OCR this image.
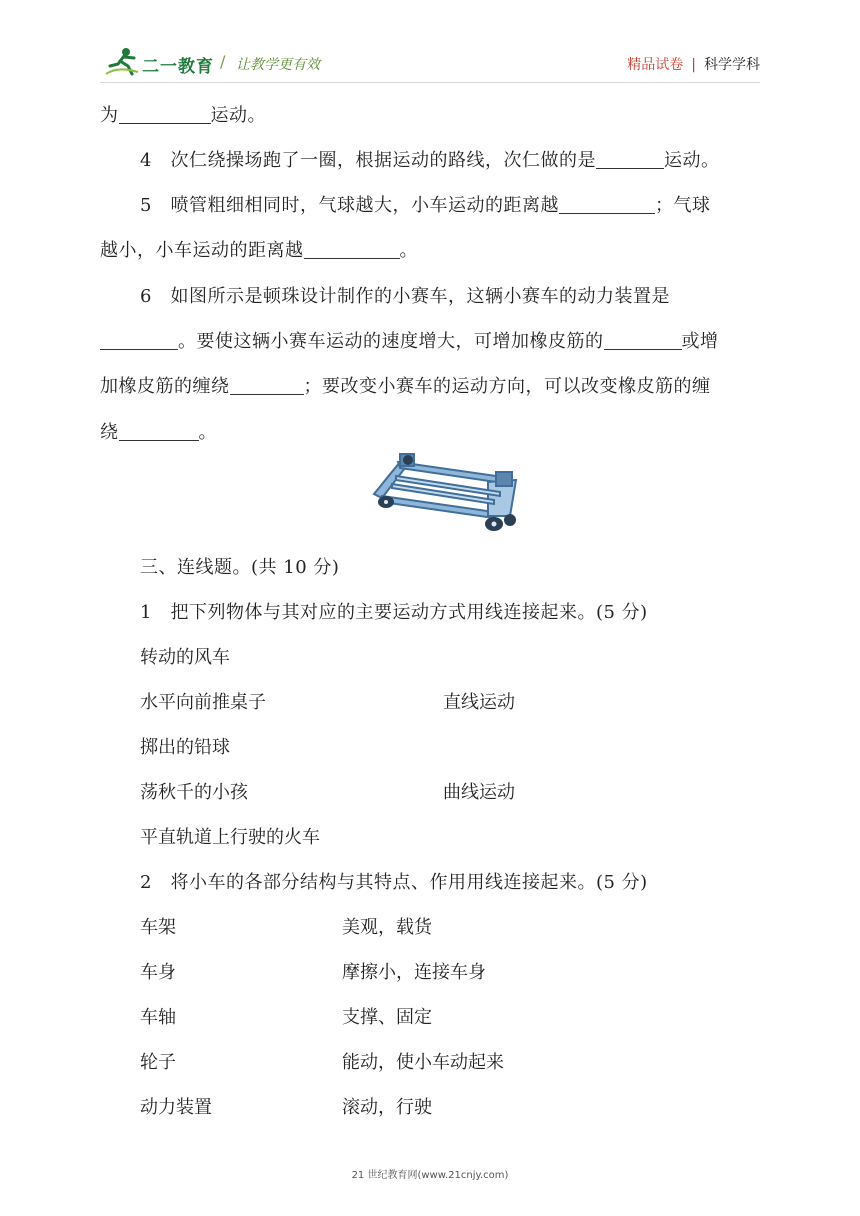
二一教育 / 让教学更有效	精品试卷 | 科学学科
为	运动。
4　次仁绕操场跑了一圈，根据运动的路线，次仁做的是	运动。
5　喷管粗细相同时，气球越大，小车运动的距离越	；气球
越小，小车运动的距离越	。
6　如图所示是顿珠设计制作的小赛车，这辆小赛车的动力装置是
。要使这辆小赛车运动的速度增大，可增加橡皮筋的	或增
加橡皮筋的缠绕	；要改变小赛车的运动方向，可以改变橡皮筋的缠
绕	。
三、连线题。(共 10 分)
1　把下列物体与其对应的主要运动方式用线连接起来。(5 分)
转动的风车
水平向前推桌子	直线运动
掷出的铅球
荡秋千的小孩	曲线运动
平直轨道上行驶的火车
2　将小车的各部分结构与其特点、作用用线连接起来。(5 分)
车架	美观，载货
车身	摩擦小，连接车身
车轴	支撑、固定
轮子	能动，使小车动起来
动力装置	滚动，行驶
21 世纪教育网(www.21cnjy.com)
